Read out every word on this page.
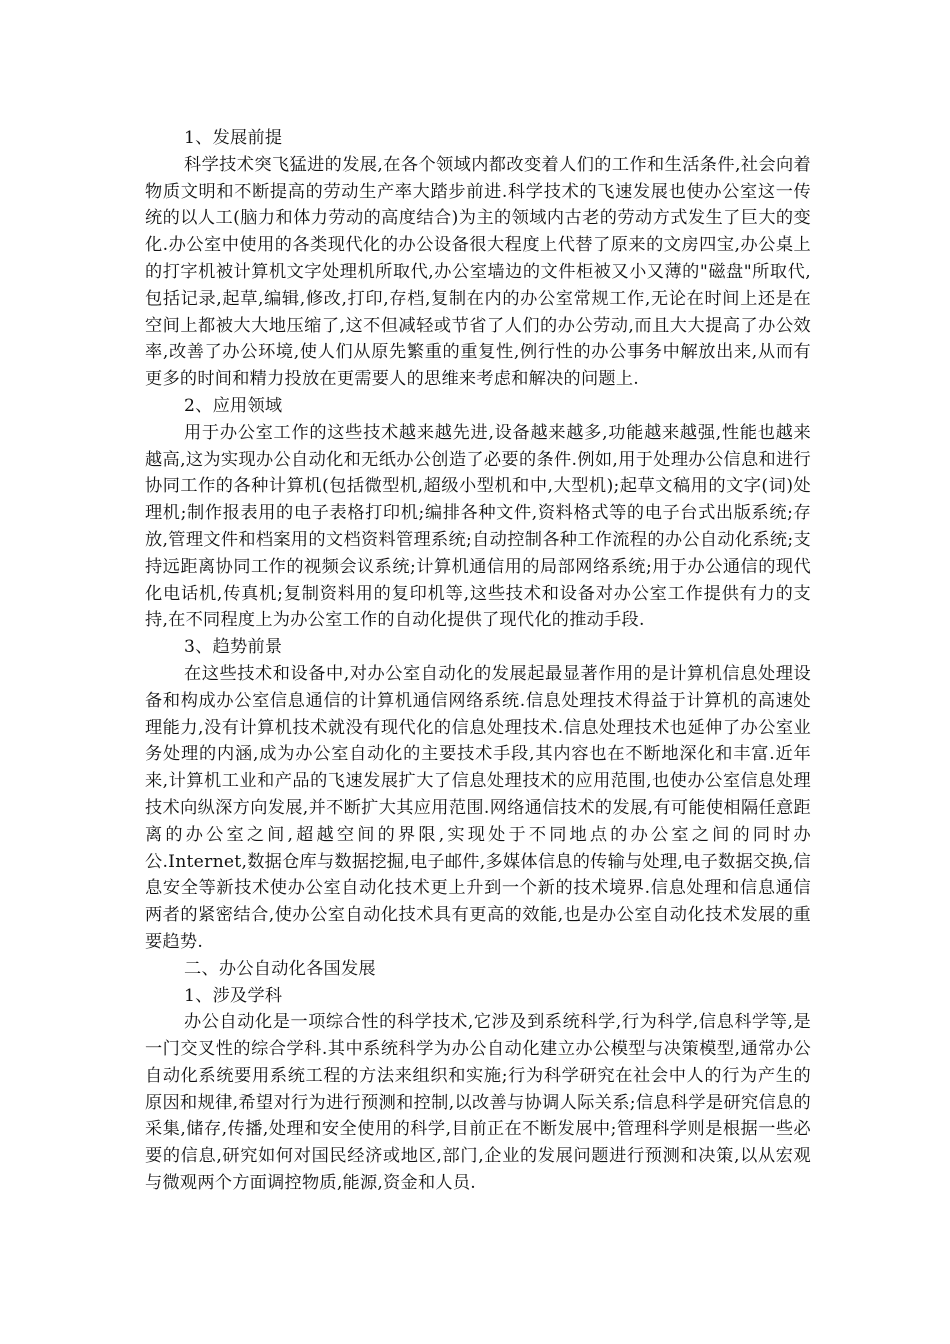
1、发展前提

科学技术突飞猛进的发展,在各个领域内都改变着人们的工作和生活条件,社会向着物质文明和不断提高的劳动生产率大踏步前进.科学技术的飞速发展也使办公室这一传统的以人工(脑力和体力劳动的高度结合)为主的领域内古老的劳动方式发生了巨大的变化.办公室中使用的各类现代化的办公设备很大程度上代替了原来的文房四宝,办公桌上的打字机被计算机文字处理机所取代,办公室墙边的文件柜被又小又薄的"磁盘"所取代,包括记录,起草,编辑,修改,打印,存档,复制在内的办公室常规工作,无论在时间上还是在空间上都被大大地压缩了,这不但减轻或节省了人们的办公劳动,而且大大提高了办公效率,改善了办公环境,使人们从原先繁重的重复性,例行性的办公事务中解放出来,从而有更多的时间和精力投放在更需要人的思维来考虑和解决的问题上.

2、应用领域

用于办公室工作的这些技术越来越先进,设备越来越多,功能越来越强,性能也越来越高,这为实现办公自动化和无纸办公创造了必要的条件.例如,用于处理办公信息和进行协同工作的各种计算机(包括微型机,超级小型机和中,大型机);起草文稿用的文字(词)处理机;制作报表用的电子表格打印机;编排各种文件,资料格式等的电子台式出版系统;存放,管理文件和档案用的文档资料管理系统;自动控制各种工作流程的办公自动化系统;支持远距离协同工作的视频会议系统;计算机通信用的局部网络系统;用于办公通信的现代化电话机,传真机;复制资料用的复印机等,这些技术和设备对办公室工作提供有力的支持,在不同程度上为办公室工作的自动化提供了现代化的推动手段.

3、趋势前景

在这些技术和设备中,对办公室自动化的发展起最显著作用的是计算机信息处理设备和构成办公室信息通信的计算机通信网络系统.信息处理技术得益于计算机的高速处理能力,没有计算机技术就没有现代化的信息处理技术.信息处理技术也延伸了办公室业务处理的内涵,成为办公室自动化的主要技术手段,其内容也在不断地深化和丰富.近年来,计算机工业和产品的飞速发展扩大了信息处理技术的应用范围,也使办公室信息处理技术向纵深方向发展,并不断扩大其应用范围.网络通信技术的发展,有可能使相隔任意距离的办公室之间,超越空间的界限,实现处于不同地点的办公室之间的同时办公.Internet,数据仓库与数据挖掘,电子邮件,多媒体信息的传输与处理,电子数据交换,信息安全等新技术使办公室自动化技术更上升到一个新的技术境界.信息处理和信息通信两者的紧密结合,使办公室自动化技术具有更高的效能,也是办公室自动化技术发展的重要趋势.

二、办公自动化各国发展

1、涉及学科

办公自动化是一项综合性的科学技术,它涉及到系统科学,行为科学,信息科学等,是一门交叉性的综合学科.其中系统科学为办公自动化建立办公模型与决策模型,通常办公自动化系统要用系统工程的方法来组织和实施;行为科学研究在社会中人的行为产生的原因和规律,希望对行为进行预测和控制,以改善与协调人际关系;信息科学是研究信息的采集,储存,传播,处理和安全使用的科学,目前正在不断发展中;管理科学则是根据一些必要的信息,研究如何对国民经济或地区,部门,企业的发展问题进行预测和决策,以从宏观与微观两个方面调控物质,能源,资金和人员.
